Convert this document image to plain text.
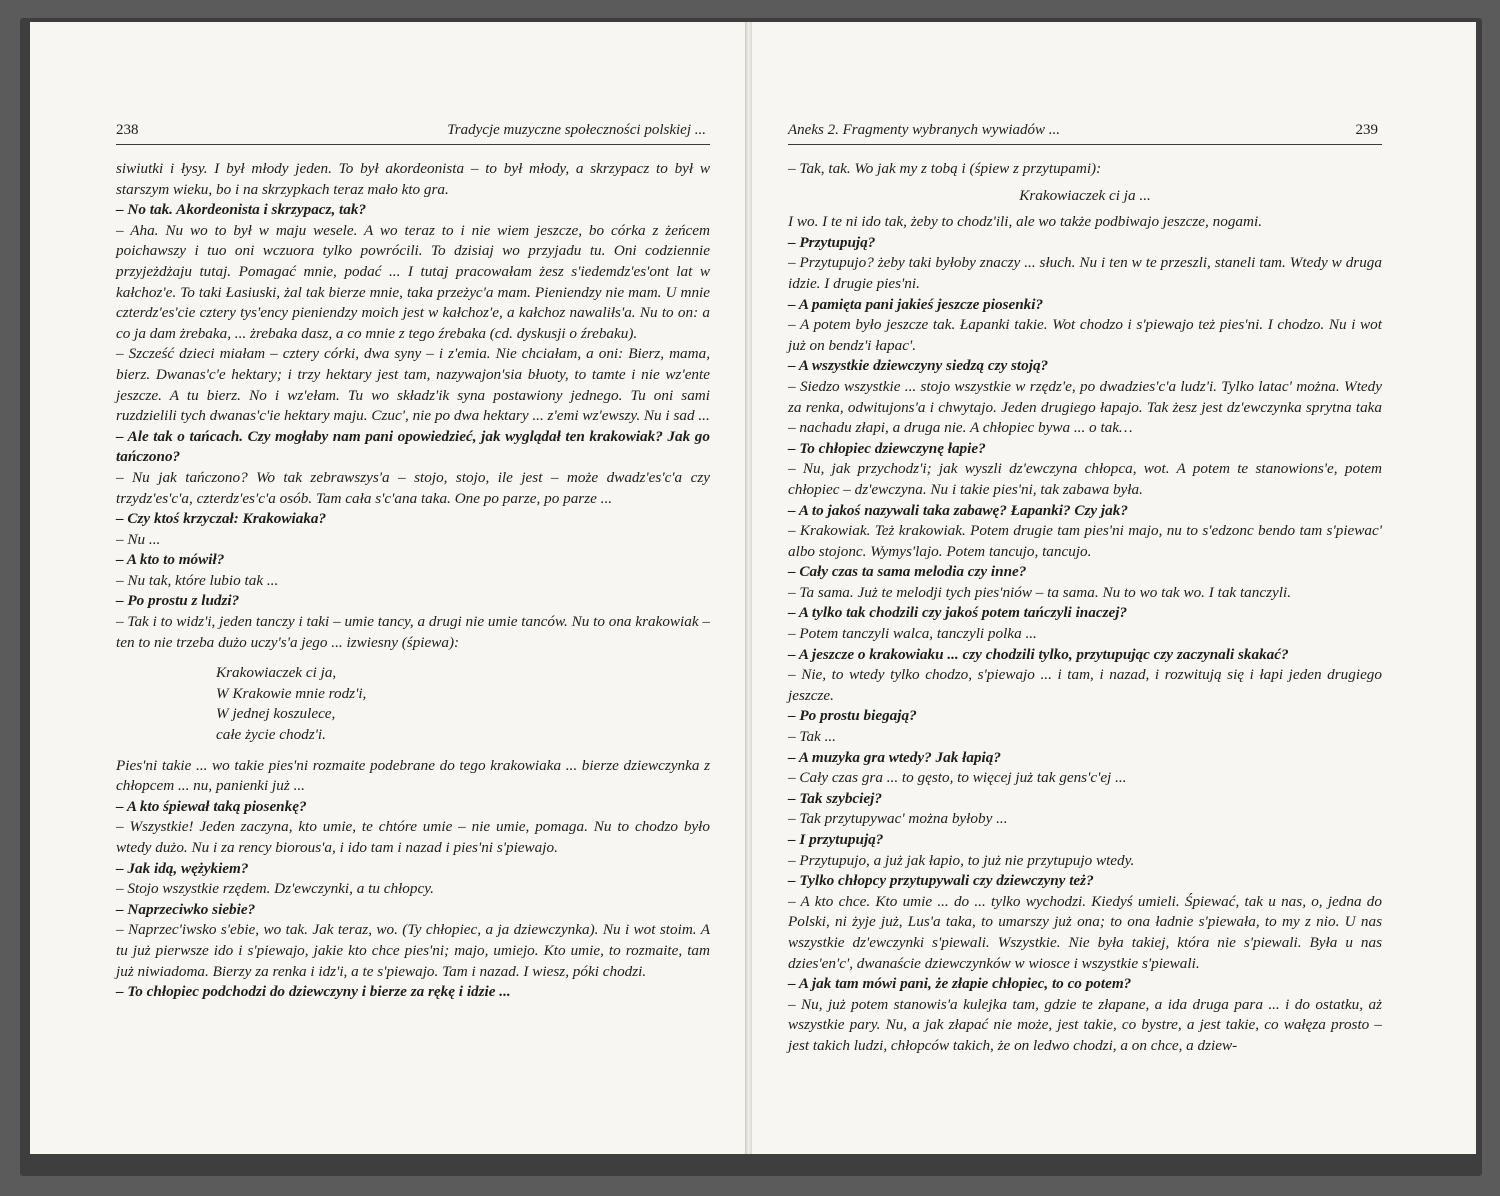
238	Tradycje muzyczne społeczności polskiej ...

siwiutki i łysy. I był młody jeden. To był akordeonista – to był młody, a skrzypacz to był w starszym wieku, bo i na skrzypkach teraz mało kto gra.

– No tak. Akordeonista i skrzypacz, tak?

– Aha. Nu wo to był w maju wesele. A wo teraz to i nie wiem jeszcze, bo córka z żeńcem poichawszy i tuo oni wczuora tylko powrócili. To dzisiaj wo przyjadu tu. Oni codziennie przyjeżdżaju tutaj. Pomagać mnie, podać ... I tutaj pracowałam żesz s'iedemdz'es'ont lat w kałchoz'e. To taki Łasiuski, żal tak bierze mnie, taka przeżyc'a mam. Pieniendzy nie mam. U mnie czterdz'es'cie cztery tys'ency pieniendzy moich jest w kałchoz'e, a kałchoz nawaliłs'a. Nu to on: a co ja dam żrebaka, ... żrebaka dasz, a co mnie z tego źrebaka (cd. dyskusji o źrebaku).

– Szcześć dzieci miałam – cztery córki, dwa syny – i z'emia. Nie chciałam, a oni: Bierz, mama, bierz. Dwanas'c'e hektary; i trzy hektary jest tam, nazywajon'sia błuoty, to tamte i nie wz'ente jeszcze. A tu bierz. No i wz'ełam. Tu wo składz'ik syna postawiony jednego. Tu oni sami ruzdzielili tych dwanas'c'ie hektary maju. Czuc', nie po dwa hektary ... z'emi wz'ewszy. Nu i sad ...

– Ale tak o tańcach. Czy mogłaby nam pani opowiedzieć, jak wyglądał ten krakowiak? Jak go tańczono?

– Nu jak tańczono? Wo tak zebrawszys'a – stojo, stojo, ile jest – może dwadz'es'c'a czy trzydz'es'c'a, czterdz'es'c'a osób. Tam cała s'c'ana taka. One po parze, po parze ...

– Czy ktoś krzyczał: Krakowiaka?

– Nu ...

– A kto to mówił?

– Nu tak, które lubio tak ...

– Po prostu z ludzi?

– Tak i to widz'i, jeden tanczy i taki – umie tancy, a drugi nie umie tanców. Nu to ona krakowiak – ten to nie trzeba dużo uczy's'a jego ... izwiesny (śpiewa):

Krakowiaczek ci ja,
W Krakowie mnie rodz'i,
W jednej koszulece,
całe życie chodz'i.

Pies'ni takie ... wo takie pies'ni rozmaite podebrane do tego krakowiaka ... bierze dziewczynka z chłopcem ... nu, panienki już ...

– A kto śpiewał taką piosenkę?

– Wszystkie! Jeden zaczyna, kto umie, te chtóre umie – nie umie, pomaga. Nu to chodzo było wtedy dużo. Nu i za rency biorous'a, i ido tam i nazad i pies'ni s'piewajo.

– Jak idą, wężykiem?

– Stojo wszystkie rzędem. Dz'ewczynki, a tu chłopcy.

– Naprzeciwko siebie?

– Naprzec'iwsko s'ebie, wo tak. Jak teraz, wo. (Ty chłopiec, a ja dziewczynka). Nu i wot stoim. A tu już pierwsze ido i s'piewajo, jakie kto chce pies'ni; majo, umiejo. Kto umie, to rozmaite, tam już niwiadoma. Bierzy za renka i idz'i, a te s'piewajo. Tam i nazad. I wiesz, póki chodzi.

– To chłopiec podchodzi do dziewczyny i bierze za rękę i idzie ...

Aneks 2. Fragmenty wybranych wywiadów ...	239

– Tak, tak. Wo jak my z tobą i (śpiew z przytupami):

Krakowiaczek ci ja ...

I wo. I te ni ido tak, żeby to chodz'ili, ale wo także podbiwajo jeszcze, nogami.

– Przytupują?

– Przytupujo? żeby taki byłoby znaczy ... słuch. Nu i ten w te przeszli, staneli tam. Wtedy w druga idzie. I drugie pies'ni.

– A pamięta pani jakieś jeszcze piosenki?

– A potem było jeszcze tak. Łapanki takie. Wot chodzo i s'piewajo też pies'ni. I chodzo. Nu i wot już on bendz'i łapac'.

– A wszystkie dziewczyny siedzą czy stoją?

– Siedzo wszystkie ... stojo wszystkie w rzędz'e, po dwadzies'c'a ludz'i. Tylko latac' można. Wtedy za renka, odwitujons'a i chwytajo. Jeden drugiego łapajo. Tak żesz jest dz'ewczynka sprytna taka – nachadu złapi, a druga nie. A chłopiec bywa ... o tak…

– To chłopiec dziewczynę łapie?

– Nu, jak przychodz'i; jak wyszli dz'ewczyna chłopca, wot. A potem te stanowions'e, potem chłopiec – dz'ewczyna. Nu i takie pies'ni, tak zabawa była.

– A to jakoś nazywali taka zabawę? Łapanki? Czy jak?

– Krakowiak. Też krakowiak. Potem drugie tam pies'ni majo, nu to s'edzonc bendo tam s'piewac' albo stojonc. Wymys'lajo. Potem tancujo, tancujo.

– Cały czas ta sama melodia czy inne?

– Ta sama. Już te melodji tych pies'niów – ta sama. Nu to wo tak wo. I tak tanczyli.

– A tylko tak chodzili czy jakoś potem tańczyli inaczej?

– Potem tanczyli walca, tanczyli polka ...

– A jeszcze o krakowiaku ... czy chodzili tylko, przytupując czy zaczynali skakać?

– Nie, to wtedy tylko chodzo, s'piewajo ... i tam, i nazad, i rozwitują się i łapi jeden drugiego jeszcze.

– Po prostu biegają?

– Tak ...

– A muzyka gra wtedy? Jak łapią?

– Cały czas gra ... to gęsto, to więcej już tak gens'c'ej ...

– Tak szybciej?

– Tak przytupywac' można byłoby ...

– I przytupują?

– Przytupujo, a już jak łapio, to już nie przytupujo wtedy.

– Tylko chłopcy przytupywali czy dziewczyny też?

– A kto chce. Kto umie ... do ... tylko wychodzi. Kiedyś umieli. Śpiewać, tak u nas, o, jedna do Polski, ni żyje już, Lus'a taka, to umarszy już ona; to ona ładnie s'piewała, to my z nio. U nas wszystkie dz'ewczynki s'piewali. Wszystkie. Nie była takiej, która nie s'piewali. Była u nas dzies'en'c', dwanaście dziewczynków w wiosce i wszystkie s'piewali.

– A jak tam mówi pani, że złapie chłopiec, to co potem?

– Nu, już potem stanowis'a kulejka tam, gdzie te złapane, a ida druga para ... i do ostatku, aż wszystkie pary. Nu, a jak złapać nie może, jest takie, co bystre, a jest takie, co wałęza prosto – jest takich ludzi, chłopców takich, że on ledwo chodzi, a on chce, a dziew-
